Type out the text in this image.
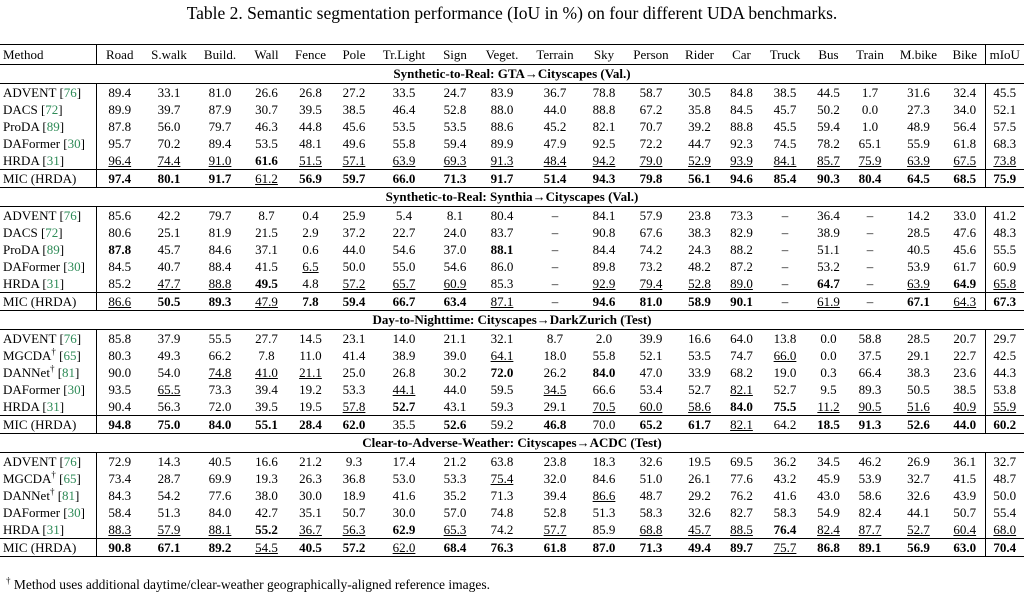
Table 2. Semantic segmentation performance (IoU in %) on four different UDA benchmarks.
Method	Road	S.walk	Build.	Wall	Fence	Pole	Tr.Light	Sign	Veget.	Terrain	Sky	Person	Rider	Car	Truck	Bus	Train	M.bike	Bike	mIoU
Synthetic-to-Real: GTA→Cityscapes (Val.)																				
ADVENT [76]	89.4	33.1	81.0	26.6	26.8	27.2	33.5	24.7	83.9	36.7	78.8	58.7	30.5	84.8	38.5	44.5	1.7	31.6	32.4	45.5
DACS [72]	89.9	39.7	87.9	30.7	39.5	38.5	46.4	52.8	88.0	44.0	88.8	67.2	35.8	84.5	45.7	50.2	0.0	27.3	34.0	52.1
ProDA [89]	87.8	56.0	79.7	46.3	44.8	45.6	53.5	53.5	88.6	45.2	82.1	70.7	39.2	88.8	45.5	59.4	1.0	48.9	56.4	57.5
DAFormer [30]	95.7	70.2	89.4	53.5	48.1	49.6	55.8	59.4	89.9	47.9	92.5	72.2	44.7	92.3	74.5	78.2	65.1	55.9	61.8	68.3
HRDA [31]	96.4	74.4	91.0	61.6	51.5	57.1	63.9	69.3	91.3	48.4	94.2	79.0	52.9	93.9	84.1	85.7	75.9	63.9	67.5	73.8
MIC (HRDA)	97.4	80.1	91.7	61.2	56.9	59.7	66.0	71.3	91.7	51.4	94.3	79.8	56.1	94.6	85.4	90.3	80.4	64.5	68.5	75.9
Synthetic-to-Real: Synthia→Cityscapes (Val.)																				
ADVENT [76]	85.6	42.2	79.7	8.7	0.4	25.9	5.4	8.1	80.4	–	84.1	57.9	23.8	73.3	–	36.4	–	14.2	33.0	41.2
DACS [72]	80.6	25.1	81.9	21.5	2.9	37.2	22.7	24.0	83.7	–	90.8	67.6	38.3	82.9	–	38.9	–	28.5	47.6	48.3
ProDA [89]	87.8	45.7	84.6	37.1	0.6	44.0	54.6	37.0	88.1	–	84.4	74.2	24.3	88.2	–	51.1	–	40.5	45.6	55.5
DAFormer [30]	84.5	40.7	88.4	41.5	6.5	50.0	55.0	54.6	86.0	–	89.8	73.2	48.2	87.2	–	53.2	–	53.9	61.7	60.9
HRDA [31]	85.2	47.7	88.8	49.5	4.8	57.2	65.7	60.9	85.3	–	92.9	79.4	52.8	89.0	–	64.7	–	63.9	64.9	65.8
MIC (HRDA)	86.6	50.5	89.3	47.9	7.8	59.4	66.7	63.4	87.1	–	94.6	81.0	58.9	90.1	–	61.9	–	67.1	64.3	67.3
Day-to-Nighttime: Cityscapes→DarkZurich (Test)																				
ADVENT [76]	85.8	37.9	55.5	27.7	14.5	23.1	14.0	21.1	32.1	8.7	2.0	39.9	16.6	64.0	13.8	0.0	58.8	28.5	20.7	29.7
MGCDA† [65]	80.3	49.3	66.2	7.8	11.0	41.4	38.9	39.0	64.1	18.0	55.8	52.1	53.5	74.7	66.0	0.0	37.5	29.1	22.7	42.5
DANNet† [81]	90.0	54.0	74.8	41.0	21.1	25.0	26.8	30.2	72.0	26.2	84.0	47.0	33.9	68.2	19.0	0.3	66.4	38.3	23.6	44.3
DAFormer [30]	93.5	65.5	73.3	39.4	19.2	53.3	44.1	44.0	59.5	34.5	66.6	53.4	52.7	82.1	52.7	9.5	89.3	50.5	38.5	53.8
HRDA [31]	90.4	56.3	72.0	39.5	19.5	57.8	52.7	43.1	59.3	29.1	70.5	60.0	58.6	84.0	75.5	11.2	90.5	51.6	40.9	55.9
MIC (HRDA)	94.8	75.0	84.0	55.1	28.4	62.0	35.5	52.6	59.2	46.8	70.0	65.2	61.7	82.1	64.2	18.5	91.3	52.6	44.0	60.2
Clear-to-Adverse-Weather: Cityscapes→ACDC (Test)																				
ADVENT [76]	72.9	14.3	40.5	16.6	21.2	9.3	17.4	21.2	63.8	23.8	18.3	32.6	19.5	69.5	36.2	34.5	46.2	26.9	36.1	32.7
MGCDA† [65]	73.4	28.7	69.9	19.3	26.3	36.8	53.0	53.3	75.4	32.0	84.6	51.0	26.1	77.6	43.2	45.9	53.9	32.7	41.5	48.7
DANNet† [81]	84.3	54.2	77.6	38.0	30.0	18.9	41.6	35.2	71.3	39.4	86.6	48.7	29.2	76.2	41.6	43.0	58.6	32.6	43.9	50.0
DAFormer [30]	58.4	51.3	84.0	42.7	35.1	50.7	30.0	57.0	74.8	52.8	51.3	58.3	32.6	82.7	58.3	54.9	82.4	44.1	50.7	55.4
HRDA [31]	88.3	57.9	88.1	55.2	36.7	56.3	62.9	65.3	74.2	57.7	85.9	68.8	45.7	88.5	76.4	82.4	87.7	52.7	60.4	68.0
MIC (HRDA)	90.8	67.1	89.2	54.5	40.5	57.2	62.0	68.4	76.3	61.8	87.0	71.3	49.4	89.7	75.7	86.8	89.1	56.9	63.0	70.4
† Method uses additional daytime/clear-weather geographically-aligned reference images.
